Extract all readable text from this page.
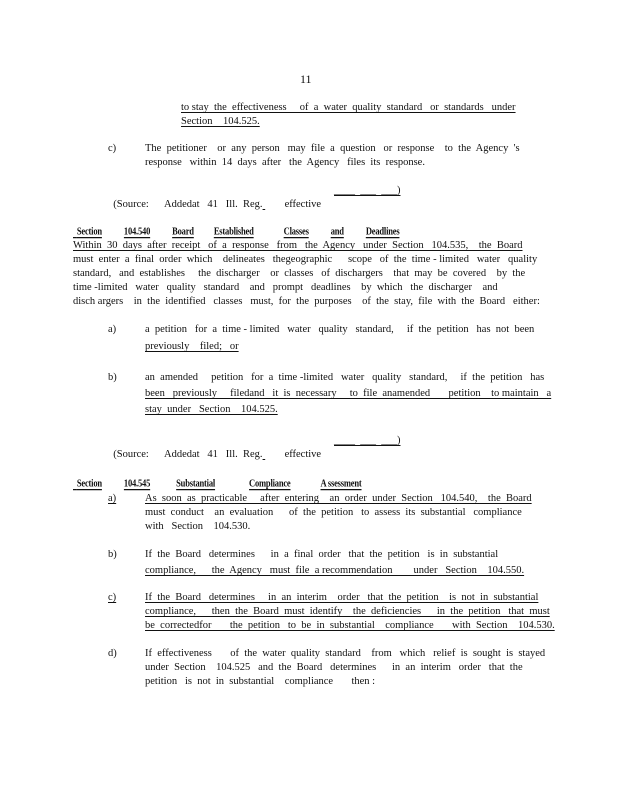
11
to stay  the  effectiveness     of  a  water  quality  standard   or  standards   under
Section    104.525.
c)	The  petitioner    or  any  person   may  file  a  question   or  response    to  the  Agency  's
response   within  14  days  after   the  Agency   files  its  response.

(Source:      Addedat   41   Ill.  Reg. effective

____  ___  ___)

Section	104.540	Board Established	Classes	and	Deadlines

Within  30  days  after  receipt   of  a  response   from   the  Agency   under  Section   104.535,    the  Board
must  enter  a  final  order  which    delineates   thegeographic      scope   of  the  time - limited   water   quality
standard,   and  establishes     the  discharger    or  classes   of  dischargers    that  may  be  covered    by  the
time -limited   water   quality   standard    and   prompt   deadlines    by  which   the  discharger    and
disch argers    in  the  identified   classes   must,  for  the  purposes    of  the  stay,  file  with  the  Board   either:
a)	a  petition   for  a  time - limited   water   quality   standard,     if  the  petition   has  not  been
previously    filed;   or
b)	an  amended     petition   for  a  time -limited   water   quality   standard,     if  the  petition   has
been   previously     filedand   it  is  necessary     to  file  anamended       petition    to maintain   a
stay  under   Section    104.525.

(Source:      Addedat   41   Ill.  Reg. effective

____  ___  ___)

Section	104.545	Substantial	Compliance	A ssessment

a)	As  soon  as  practicable     after  entering    an  order  under  Section   104.540,    the  Board
must  conduct    an  evaluation      of  the  petition   to  assess  its  substantial   compliance
with   Section    104.530.
b)	If  the  Board   determines      in  a  final  order   that  the  petition   is  in  substantial
compliance,      the  Agency   must  file  a recommendation        under   Section    104.550.
c)	If  the  Board   determines     in  an  interim    order   that  the  petition    is  not  in  substantial
compliance,      then  the  Board  must  identify    the  deficiencies      in  the  petition   that  must
be  correctedfor       the  petition   to  be  in  substantial    compliance       with  Section    104.530.
d)	If  effectiveness       of  the  water  quality  standard    from   which   relief  is  sought  is  stayed
under  Section    104.525   and  the  Board   determines      in  an  interim   order   that  the
petition   is  not  in  substantial    compliance       then :
